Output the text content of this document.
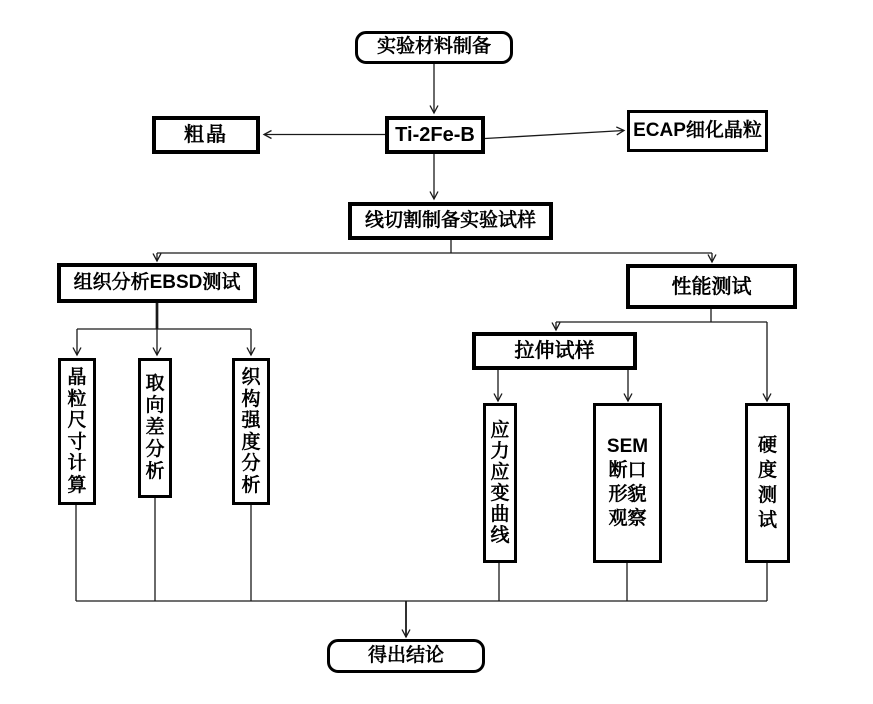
实验材料制备
Ti-2Fe-B
粗晶	ECAP细化晶粒
线切割制备实验试样
组织分析EBSD测试	性能测试
拉伸试样
晶
粒
尺
寸
计
算
取
向
差
分
析
织
构
强
度
分
析
应
力
应
变
曲
线
SEM
断口
形貌
观察
硬
度
测
试
得出结论
